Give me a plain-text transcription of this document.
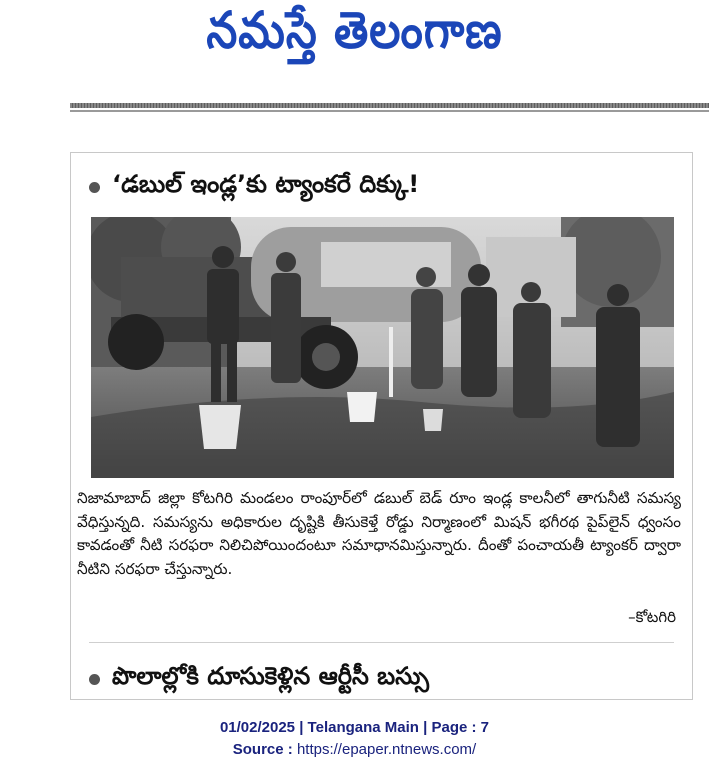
నమస్తే తెలంగాణ
‘డబుల్ ఇండ్ల’కు ట్యాంకరే దిక్కు!
నిజామాబాద్ జిల్లా కోటగిరి మండలం రాంపూర్‌లో డబుల్ బెడ్ రూం ఇండ్ల కాలనీలో తాగునీటి సమస్య వేధిస్తున్నది. సమస్యను అధికారుల దృష్టికి తీసుకెళ్తే రోడ్డు నిర్మాణంలో మిషన్ భగీరథ పైప్‌లైన్ ధ్వంసం కావడంతో నీటి సరఫరా నిలిచిపోయిందంటూ సమాధానమిస్తున్నారు. దీంతో పంచాయతీ ట్యాంకర్ ద్వారా నీటిని సరఫరా చేస్తున్నారు.
–కోటగిరి
పొలాల్లోకి దూసుకెళ్లిన ఆర్టీసీ బస్సు
01/02/2025 | Telangana Main | Page : 7
Source : https://epaper.ntnews.com/
